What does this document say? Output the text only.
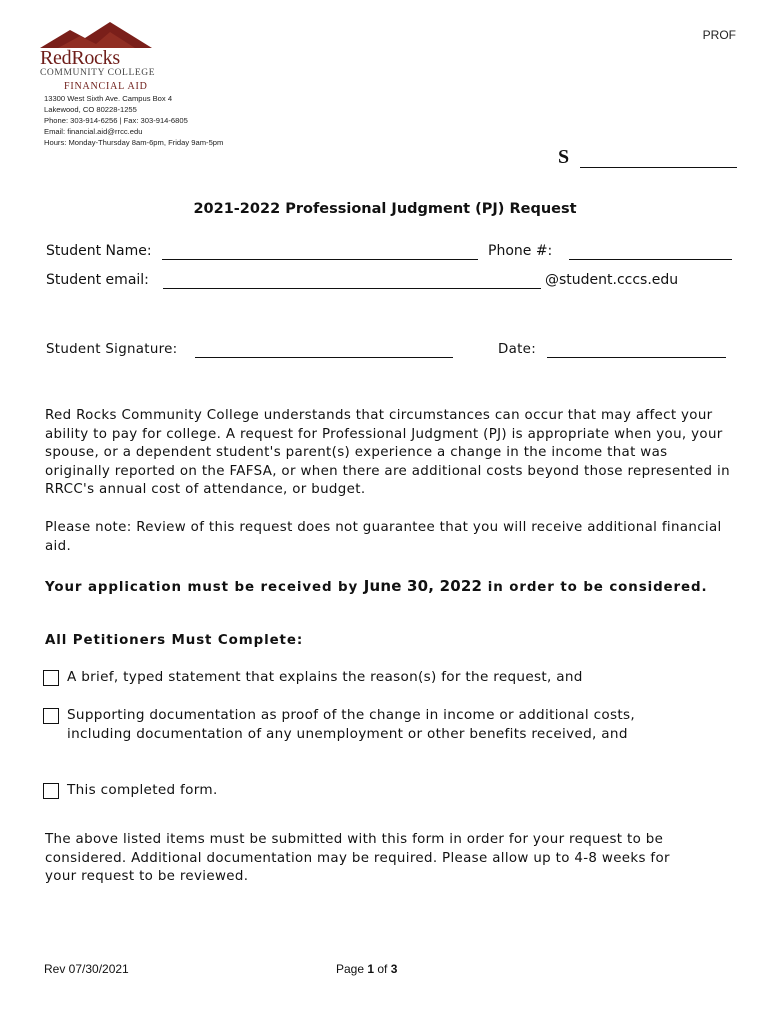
PROF
RedRocks
COMMUNITY COLLEGE
FINANCIAL AID
13300 West Sixth Ave. Campus Box 4
Lakewood, CO 80228-1255
Phone: 303-914-6256 | Fax: 303-914-6805
Email: financial.aid@rrcc.edu
Hours: Monday-Thursday 8am-6pm, Friday 9am-5pm
S
2021-2022 Professional Judgment (PJ) Request
Student Name:	Phone #:
Student email:	@student.cccs.edu
Student Signature:	Date:
Red Rocks Community College understands that circumstances can occur that may affect your ability to pay for college. A request for Professional Judgment (PJ) is appropriate when you, your spouse, or a dependent student's parent(s) experience a change in the income that was originally reported on the FAFSA, or when there are additional costs beyond those represented in RRCC's annual cost of attendance, or budget.
Please note: Review of this request does not guarantee that you will receive additional financial aid.
Your application must be received by June 30, 2022 in order to be considered.
All Petitioners Must Complete:
A brief, typed statement that explains the reason(s) for the request, and
Supporting documentation as proof of the change in income or additional costs, including documentation of any unemployment or other benefits received, and
This completed form.
The above listed items must be submitted with this form in order for your request to be considered. Additional documentation may be required. Please allow up to 4-8 weeks for your request to be reviewed.
Rev 07/30/2021	Page 1 of 3
